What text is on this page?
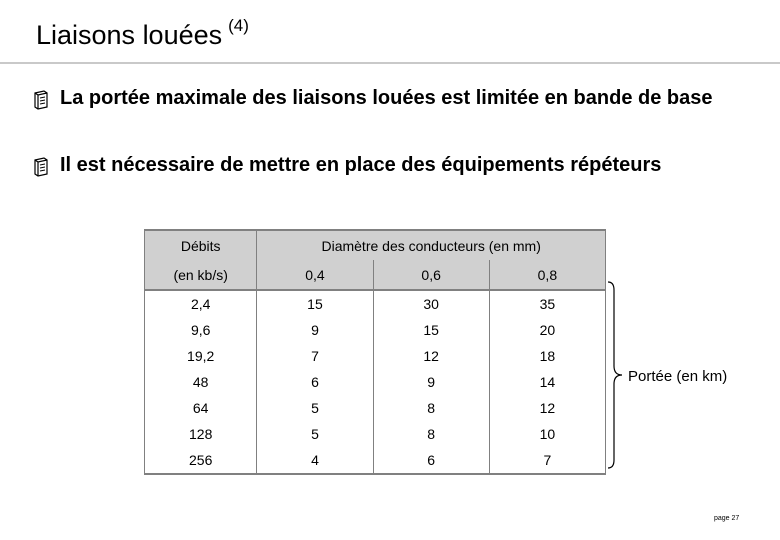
Liaisons louées $^{(4)}$
La portée maximale des liaisons louées est limitée en bande de base
Il est nécessaire de mettre en place des équipements répéteurs
Débits	Diamètre des conducteurs (en mm)		
(en kb/s)	0,4	0,6	0,8
2,4	15	30	35
9,6	9	15	20
19,2	7	12	18
48	6	9	14
64	5	8	12
128	5	8	10
256	4	6	7
Portée (en km)
page 27
